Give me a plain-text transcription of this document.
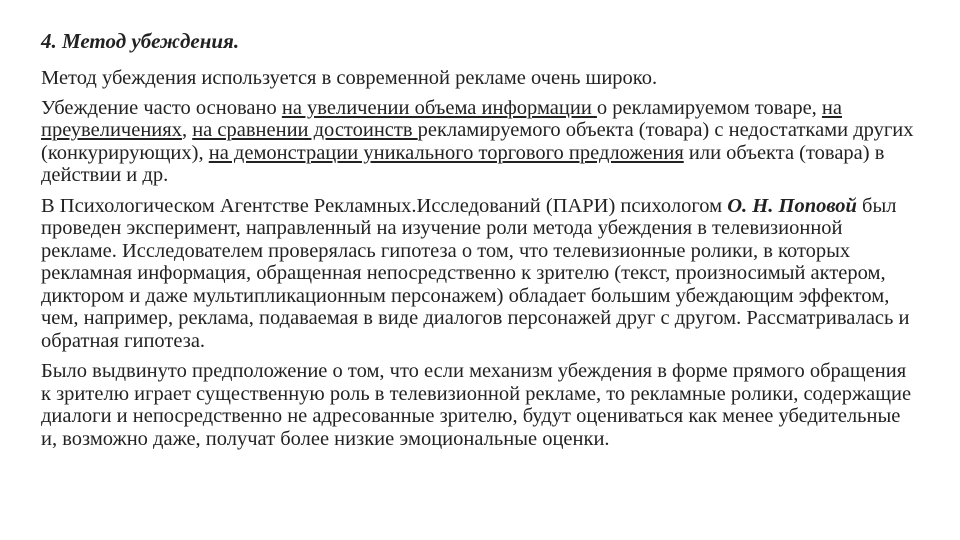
4. Метод убеждения.

Метод убеждения используется в современной рекламе очень широко.

Убеждение часто основано на увеличении объема информации о рекламируемом товаре, на преувеличениях, на сравнении достоинств рекламируемого объекта (товара) с недостатками других (конкурирующих), на демонстрации уникального торгового предложения или объекта (товара) в действии и др.

В Психологическом Агентстве Рекламных.Исследований (ПАРИ) психологом О. Н. Поповой был проведен эксперимент, направленный на изучение роли метода убеждения в телевизионной рекламе. Исследователем проверялась гипотеза о том, что телевизионные ролики, в которых рекламная информация, обращенная непосредственно к зрителю (текст, произносимый актером, диктором и даже мультипликационным персонажем) обладает большим убеждающим эффектом, чем, например, реклама, подаваемая в виде диалогов персонажей друг с другом. Рассматривалась и обратная гипотеза.

Было выдвинуто предположение о том, что если механизм убеждения в форме прямого обращения к зрителю играет существенную роль в телевизионной рекламе, то рекламные ролики, содержащие диалоги и непосредственно не адресованные зрителю, будут оцениваться как менее убедительные и, возможно даже, получат более низкие эмоциональные оценки.
